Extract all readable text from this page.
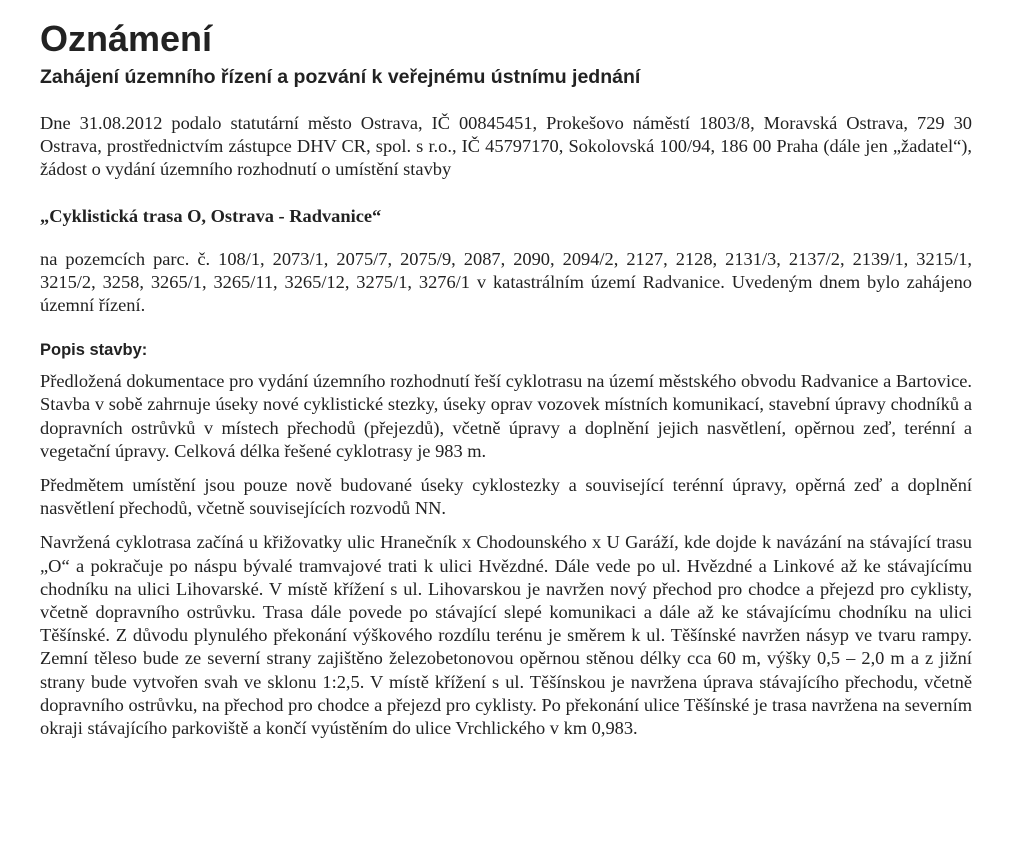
Oznámení
Zahájení územního řízení a pozvání k veřejnému ústnímu jednání

Dne 31.08.2012 podalo statutární město Ostrava, IČ 00845451, Prokešovo náměstí 1803/8, Moravská Ostrava, 729 30 Ostrava, prostřednictvím zástupce DHV CR, spol. s r.o., IČ 45797170, Sokolovská 100/94, 186 00 Praha (dále jen „žadatel“), žádost o vydání územního rozhodnutí o umístění stavby

„Cyklistická trasa O, Ostrava - Radvanice“

na pozemcích parc. č. 108/1, 2073/1, 2075/7, 2075/9, 2087, 2090, 2094/2, 2127, 2128, 2131/3, 2137/2, 2139/1, 3215/1, 3215/2, 3258, 3265/1, 3265/11, 3265/12, 3275/1, 3276/1 v katastrálním území Radvanice. Uvedeným dnem bylo zahájeno územní řízení.

Popis stavby:

Předložená dokumentace pro vydání územního rozhodnutí řeší cyklotrasu na území městského obvodu Radvanice a Bartovice. Stavba v sobě zahrnuje úseky nové cyklistické stezky, úseky oprav vozovek místních komunikací, stavební úpravy chodníků a dopravních ostrůvků v místech přechodů (přejezdů), včetně úpravy a doplnění jejich nasvětlení, opěrnou zeď, terénní a vegetační úpravy. Celková délka řešené cyklotrasy je 983 m.

Předmětem umístění jsou pouze nově budované úseky cyklostezky a související terénní úpravy, opěrná zeď a doplnění nasvětlení přechodů, včetně souvisejících rozvodů NN.

Navržená cyklotrasa začíná u křižovatky ulic Hranečník x Chodounského x U Garáží, kde dojde k navázání na stávající trasu „O“ a pokračuje po náspu bývalé tramvajové trati k ulici Hvězdné. Dále vede po ul. Hvězdné a Linkové až ke stávajícímu chodníku na ulici Lihovarské. V místě křížení s ul. Lihovarskou je navržen nový přechod pro chodce a přejezd pro cyklisty, včetně dopravního ostrůvku. Trasa dále povede po stávající slepé komunikaci a dále až ke stávajícímu chodníku na ulici Těšínské. Z důvodu plynulého překonání výškového rozdílu terénu je směrem k ul. Těšínské navržen násyp ve tvaru rampy. Zemní těleso bude ze severní strany zajištěno železobetonovou opěrnou stěnou délky cca 60 m, výšky 0,5 – 2,0 m a z jižní strany bude vytvořen svah ve sklonu 1:2,5. V místě křížení s ul. Těšínskou je navržena úprava stávajícího přechodu, včetně dopravního ostrůvku, na přechod pro chodce a přejezd pro cyklisty. Po překonání ulice Těšínské je trasa navržena na severním okraji stávajícího parkoviště a končí vyústěním do ulice Vrchlického v km 0,983.
